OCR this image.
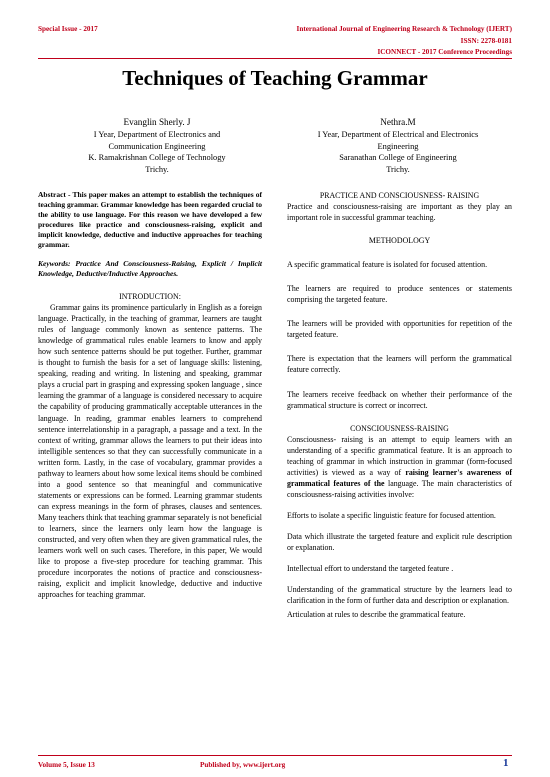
Special Issue - 2017	International Journal of Engineering Research & Technology (IJERT)
ISSN: 2278-0181
ICONNECT - 2017 Conference Proceedings
Techniques of Teaching Grammar
Evanglin Sherly. J
I Year, Department of Electronics and
Communication Engineering
K. Ramakrishnan College of Technology
Trichy.
Nethra.M
I Year, Department of Electrical and Electronics
Engineering
Saranathan College of Engineering
Trichy.

Abstract - This paper makes an attempt to establish the techniques of teaching grammar. Grammar knowledge has been regarded crucial to the ability to use language. For this reason we have developed a few procedures like practice and consciousness-raising, explicit and implicit knowledge, deductive and inductive approaches for teaching grammar.

Keywords: Practice And Consciousness-Raising, Explicit / Implicit Knowledge, Deductive/Inductive Approaches.

INTRODUCTION:

Grammar gains its prominence particularly in English as a foreign language. Practically, in the teaching of grammar, learners are taught rules of language commonly known as sentence patterns. The knowledge of grammatical rules enable learners to know and apply how such sentence patterns should be put together. Further, grammar is thought to furnish the basis for a set of language skills: listening, speaking, reading and writing. In listening and speaking, grammar plays a crucial part in grasping and expressing spoken language , since learning the grammar of a language is considered necessary to acquire the capability of producing grammatically acceptable utterances in the language. In reading, grammar enables learners to comprehend sentence interrelationship in a paragraph, a passage and a text. In the context of writing, grammar allows the learners to put their ideas into intelligible sentences so that they can successfully communicate in a written form. Lastly, in the case of vocabulary, grammar provides a pathway to learners about how some lexical items should be combined into a good sentence so that meaningful and communicative statements or expressions can be formed. Learning grammar students can express meanings in the form of phrases, clauses and sentences. Many teachers think that teaching grammar separately is not beneficial to learners, since the learners only learn how the language is constructed, and very often when they are given grammatical rules, the learners work well on such cases. Therefore, in this paper, We would like to propose a five-step procedure for teaching grammar. This procedure incorporates the notions of practice and consciousness-raising, explicit and implicit knowledge, deductive and inductive approaches for teaching grammar.

PRACTICE AND CONSCIOUSNESS- RAISING

Practice and consciousness-raising are important as they play an important role in successful grammar teaching.

METHODOLOGY

A specific grammatical feature is isolated for focused attention.

The learners are required to produce sentences or statements comprising the targeted feature.

The learners will be provided with opportunities for repetition of the targeted feature.

There is expectation that the learners will perform the grammatical feature correctly.

The learners receive feedback on whether their performance of the grammatical structure is correct or incorrect.

CONSCIOUSNESS-RAISING

Consciousness- raising is an attempt to equip learners with an understanding of a specific grammatical feature. It is an approach to teaching of grammar in which instruction in grammar (form-focused activities) is viewed as a way of raising learner's awareness of grammatical features of the language. The main characteristics of consciousness-raising activities involve:

Efforts to isolate a specific linguistic feature for focused attention.

Data which illustrate the targeted feature and explicit rule description or explanation.

Intellectual effort to understand the targeted feature .

Understanding of the grammatical structure by the learners lead to clarification in the form of further data and description or explanation.

Articulation at rules to describe the grammatical feature.

Volume 5, Issue 13	Published by, www.ijert.org	1
